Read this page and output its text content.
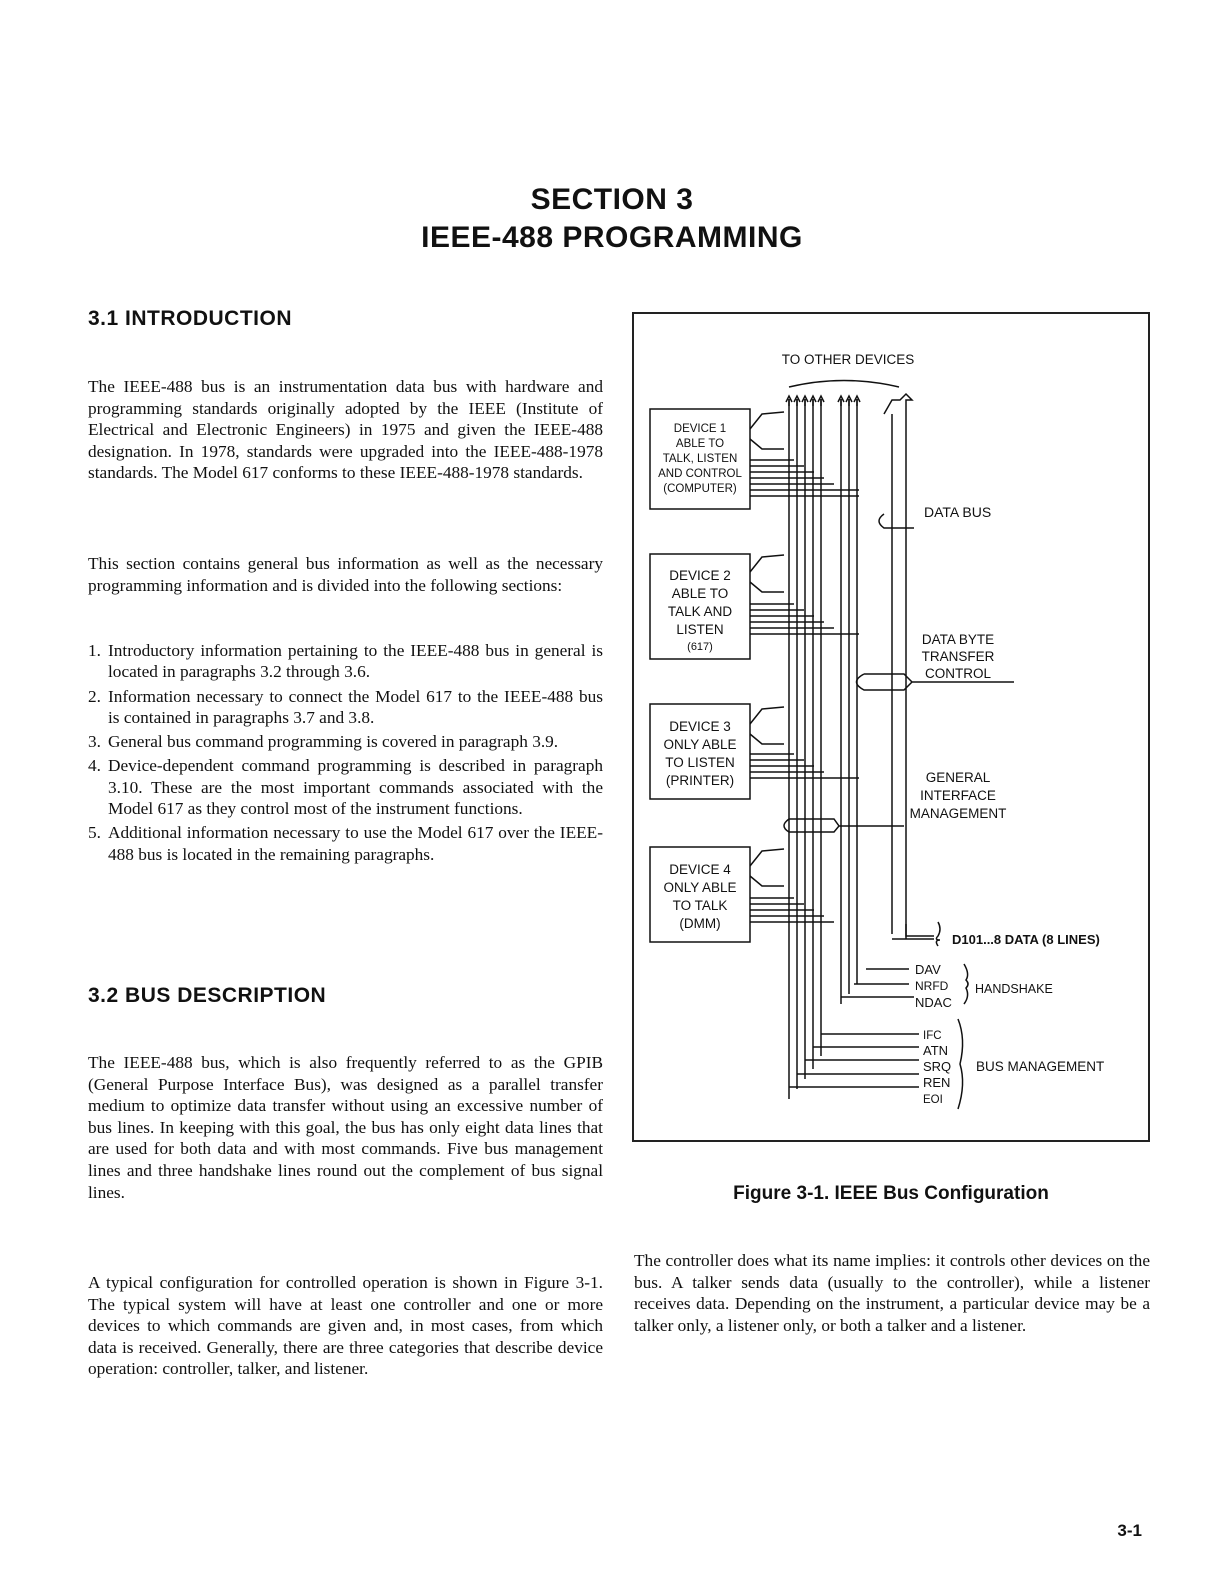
SECTION 3
IEEE-488 PROGRAMMING
3.1 INTRODUCTION

The IEEE-488 bus is an instrumentation data bus with hardware and programming standards originally adopted by the IEEE (Institute of Electrical and Electronic Engineers) in 1975 and given the IEEE-488 designation. In 1978, standards were upgraded into the IEEE-488-1978 standards. The Model 617 conforms to these IEEE-488-1978 standards.

This section contains general bus information as well as the necessary programming information and is divided into the following sections:

1. Introductory information pertaining to the IEEE-488 bus in general is located in paragraphs 3.2 through 3.6.
2. Information necessary to connect the Model 617 to the IEEE-488 bus is contained in paragraphs 3.7 and 3.8.
3. General bus command programming is covered in paragraph 3.9.
4. Device-dependent command programming is described in paragraph 3.10. These are the most important commands associated with the Model 617 as they control most of the instrument functions.
5. Additional information necessary to use the Model 617 over the IEEE-488 bus is located in the remaining paragraphs.
3.2 BUS DESCRIPTION

The IEEE-488 bus, which is also frequently referred to as the GPIB (General Purpose Interface Bus), was designed as a parallel transfer medium to optimize data transfer without using an excessive number of bus lines. In keeping with this goal, the bus has only eight data lines that are used for both data and with most commands. Five bus management lines and three handshake lines round out the complement of bus signal lines.

A typical configuration for controlled operation is shown in Figure 3-1. The typical system will have at least one controller and one or more devices to which commands are given and, in most cases, from which data is received. Generally, there are three categories that describe device operation: controller, talker, and listener.

The controller does what its name implies: it controls other devices on the bus. A talker sends data (usually to the controller), while a listener receives data. Depending on the instrument, a particular device may be a talker only, a listener only, or both a talker and a listener.

TO OTHER DEVICES
DEVICE 1
ABLE TO
TALK, LISTEN
AND CONTROL
(COMPUTER)
DEVICE 2
ABLE TO
TALK AND
LISTEN
(617)
DEVICE 3
ONLY ABLE
TO LISTEN
(PRINTER)
DEVICE 4
ONLY ABLE
TO TALK
(DMM)
DATA BUS
DATA BYTE
TRANSFER
CONTROL
GENERAL
INTERFACE
MANAGEMENT
D101...8 DATA (8 LINES)
DAV
NRFD
NDAC
HANDSHAKE
IFC
ATN
SRQ
REN
EOI
BUS MANAGEMENT
Figure 3-1. IEEE Bus Configuration
3-1
